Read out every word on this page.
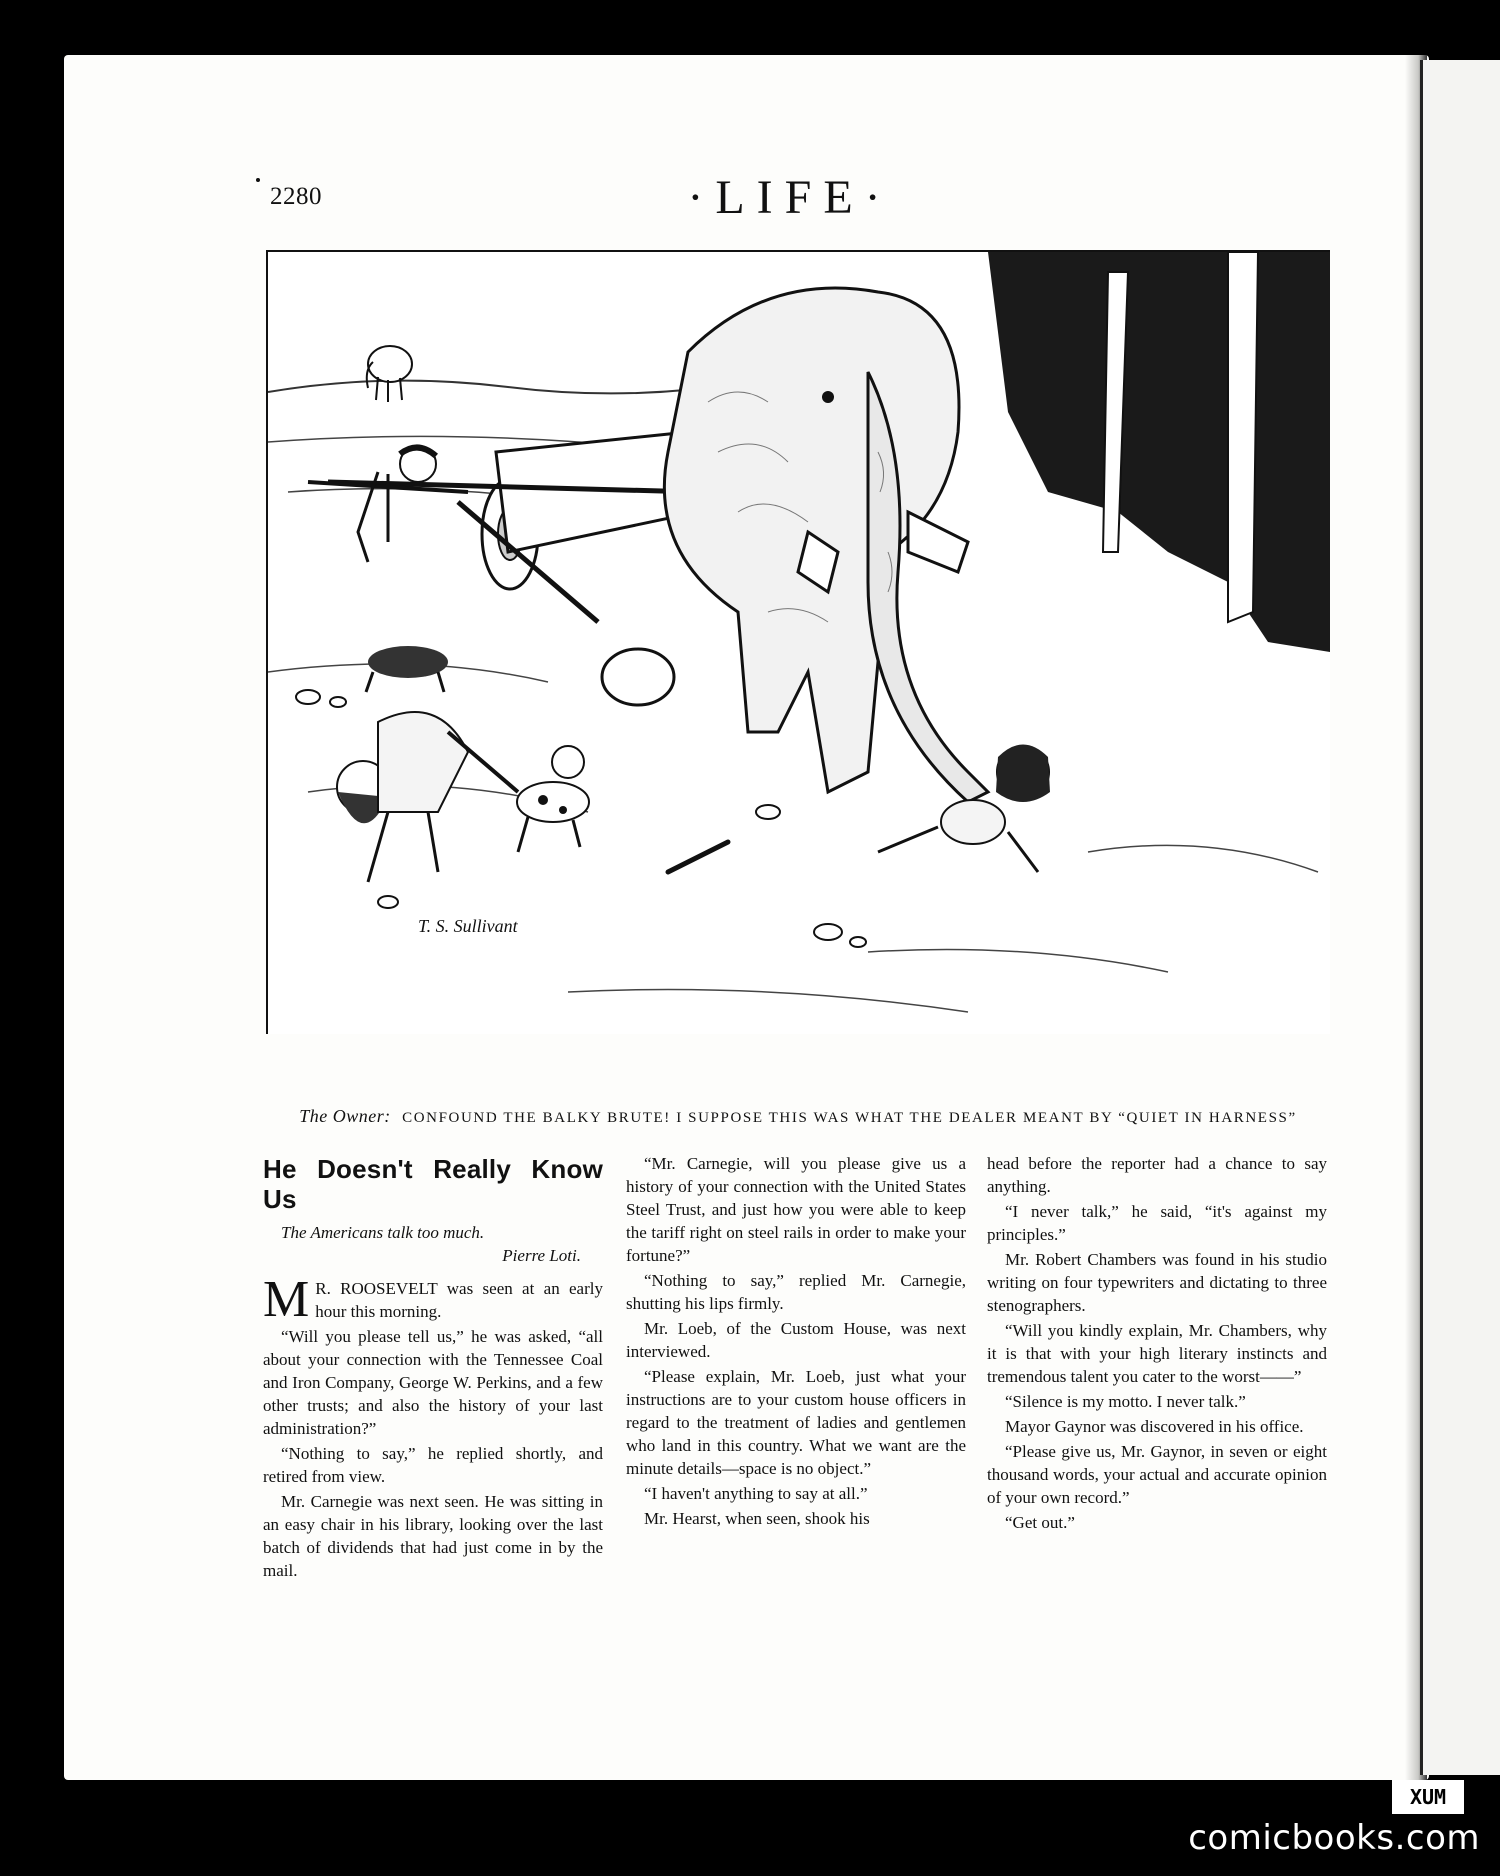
2280	·LIFE·
T. S. Sullivant
The Owner: CONFOUND THE BALKY BRUTE! I SUPPOSE THIS WAS WHAT THE DEALER MEANT BY “QUIET IN HARNESS”
He Doesn't Really Know Us
The Americans talk too much.
Pierre Loti.

M R. ROOSEVELT was seen at an early hour this morning.

“Will you please tell us,” he was asked, “all about your connection with the Tennessee Coal and Iron Company, George W. Perkins, and a few other trusts; and also the history of your last administration?”

“Nothing to say,” he replied shortly, and retired from view.

Mr. Carnegie was next seen. He was sitting in an easy chair in his library, looking over the last batch of dividends that had just come in by the mail.

“Mr. Carnegie, will you please give us a history of your connection with the United States Steel Trust, and just how you were able to keep the tariff right on steel rails in order to make your fortune?”

“Nothing to say,” replied Mr. Carnegie, shutting his lips firmly.

Mr. Loeb, of the Custom House, was next interviewed.

“Please explain, Mr. Loeb, just what your instructions are to your custom house officers in regard to the treatment of ladies and gentlemen who land in this country. What we want are the minute details—space is no object.”

“I haven't anything to say at all.”

Mr. Hearst, when seen, shook his

head before the reporter had a chance to say anything.

“I never talk,” he said, “it's against my principles.”

Mr. Robert Chambers was found in his studio writing on four typewriters and dictating to three stenographers.

“Will you kindly explain, Mr. Chambers, why it is that with your high literary instincts and tremendous talent you cater to the worst——”

“Silence is my motto. I never talk.”

Mayor Gaynor was discovered in his office.

“Please give us, Mr. Gaynor, in seven or eight thousand words, your actual and accurate opinion of your own record.”

“Get out.”

XUM
comicbooks.com
